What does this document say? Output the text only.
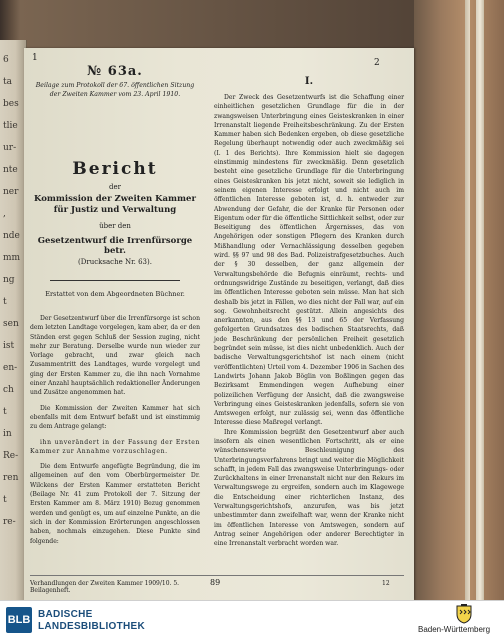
6
ta
bes
tlie
ur-
nte
ner
,
nde
mm
ng
t
sen
ist
en-
ch
t
in
Re-
ren
t
re-
1	2
№ 63a.
Beilage zum Protokoll der 67. öffentlichen Sitzung der Zweiten Kammer vom 23. April 1910.
Bericht
der
Kommission der Zweiten Kammer für Justiz und Verwaltung
über den
Gesetzentwurf die Irrenfürsorge betr.
(Drucksache Nr. 63).
Erstattet von dem Abgeordneten Büchner.

Der Gesetzentwurf über die Irrenfürsorge ist schon dem letzten Landtage vorgelegen, kam aber, da er den Ständen erst gegen Schluß der Session zuging, nicht mehr zur Beratung. Derselbe wurde nun wieder zur Vorlage gebracht, und zwar gleich nach Zusammentritt des Landtages, wurde vorgelegt und ging der Ersten Kammer zu, die ihn nach Vornahme einer Anzahl hauptsächlich redaktioneller Änderungen und Zusätze angenommen hat.

Die Kommission der Zweiten Kammer hat sich ebenfalls mit dem Entwurf befaßt und ist einstimmig zu dem Antrage gelangt:

ihn unverändert in der Fassung der Ersten Kammer zur Annahme vorzuschlagen.

Die dem Entwurfe angefügte Begründung, die im allgemeinen auf den vom Oberbürgermeister Dr. Wilckens der Ersten Kammer erstatteten Bericht (Beilage Nr. 41 zum Protokoll der 7. Sitzung der Ersten Kammer am 8. März 1910) Bezug genommen werden und genügt es, um auf einzelne Punkte, an die sich in der Kommission Erörterungen angeschlossen haben, nochmals einzugehen. Diese Punkte sind folgende:

I.

Der Zweck des Gesetzentwurfs ist die Schaffung einer einheitlichen gesetzlichen Grundlage für die in der zwangsweisen Unterbringung eines Geisteskranken in einer Irrenanstalt liegende Freiheitsbeschränkung. Zu der Ersten Kammer haben sich Bedenken ergeben, ob diese gesetzliche Regelung überhaupt notwendig oder auch zweckmäßig sei (I. 1 des Berichts). Ihre Kommission hielt sie dagegen einstimmig mindestens für zweckmäßig. Denn gesetzlich besteht eine gesetzliche Grundlage für die Unterbringung eines Geisteskranken bis jetzt nicht, soweit sie lediglich in seinem eigenen Interesse erfolgt und nicht auch im öffentlichen Interesse geboten ist, d. h. entweder zur Abwendung der Gefahr, die der Kranke für Personen oder Eigentum oder für die öffentliche Sittlichkeit selbst, oder zur Beseitigung des öffentlichen Ärgernisses, das von Angehörigen oder sonstigen Pflegern des Kranken durch Mißhandlung oder Vernachlässigung desselben gegeben wird. §§ 97 und 98 des Bad. Polizeistrafgesetzbuches. Auch der § 30 desselben, der ganz allgemein der Verwaltungsbehörde die Befugnis einräumt, rechts- und ordnungswidrige Zustände zu beseitigen, verlangt, daß dies im öffentlichen Interesse geboten sein müsse. Man hat sich deshalb bis jetzt in Fällen, wo dies nicht der Fall war, auf ein sog. Gewohnheitsrecht gestützt. Allein angesichts des anerkannten, aus den §§ 13 und 65 der Verfassung gefolgerten Grundsatzes des badischen Staatsrechts, daß jede Beschränkung der persönlichen Freiheit gesetzlich begründet sein müsse, ist dies nicht unbedenklich. Auch der badische Verwaltungsgerichtshof ist nach einem (nicht veröffentlichten) Urteil vom 4. Dezember 1906 in Sachen des Landwirts Johann Jakob Böglin von Boßlingen gegen das Bezirksamt Emmendingen wegen Aufhebung einer polizeilichen Verfügung der Ansicht, daß die zwangsweise Verbringung eines Geisteskranken jedenfalls, sofern sie von Amtswegen erfolgt, nur zulässig sei, wenn das öffentliche Interesse diese Maßregel verlangt.

Ihre Kommission begrüßt den Gesetzentwurf aber auch insofern als einen wesentlichen Fortschritt, als er eine wünschenswerte Beschleunigung des Unterbringungsverfahrens bringt und weiter die Möglichkeit schafft, in jedem Fall das zwangsweise Unterbringungs- oder Zurückhaltens in einer Irrenanstalt nicht nur den Rekurs im Verwaltungswege zu ergreifen, sondern auch im Klagewege die Entscheidung einer richterlichen Instanz, des Verwaltungsgerichtshofs, anzurufen, was bis jetzt unbestimmter dann zweifelhaft war, wenn der Kranke nicht im öffentlichen Interesse von Amtswegen, sondern auf Antrag seiner Angehörigen oder anderer Berechtigter in eine Irrenanstalt verbracht worden war.

Verhandlungen der Zweiten Kammer 1909/10. 5. Beilagenheft.
89	12
BLB BADISCHE
LANDESBIBLIOTHEK	Baden-Württemberg
